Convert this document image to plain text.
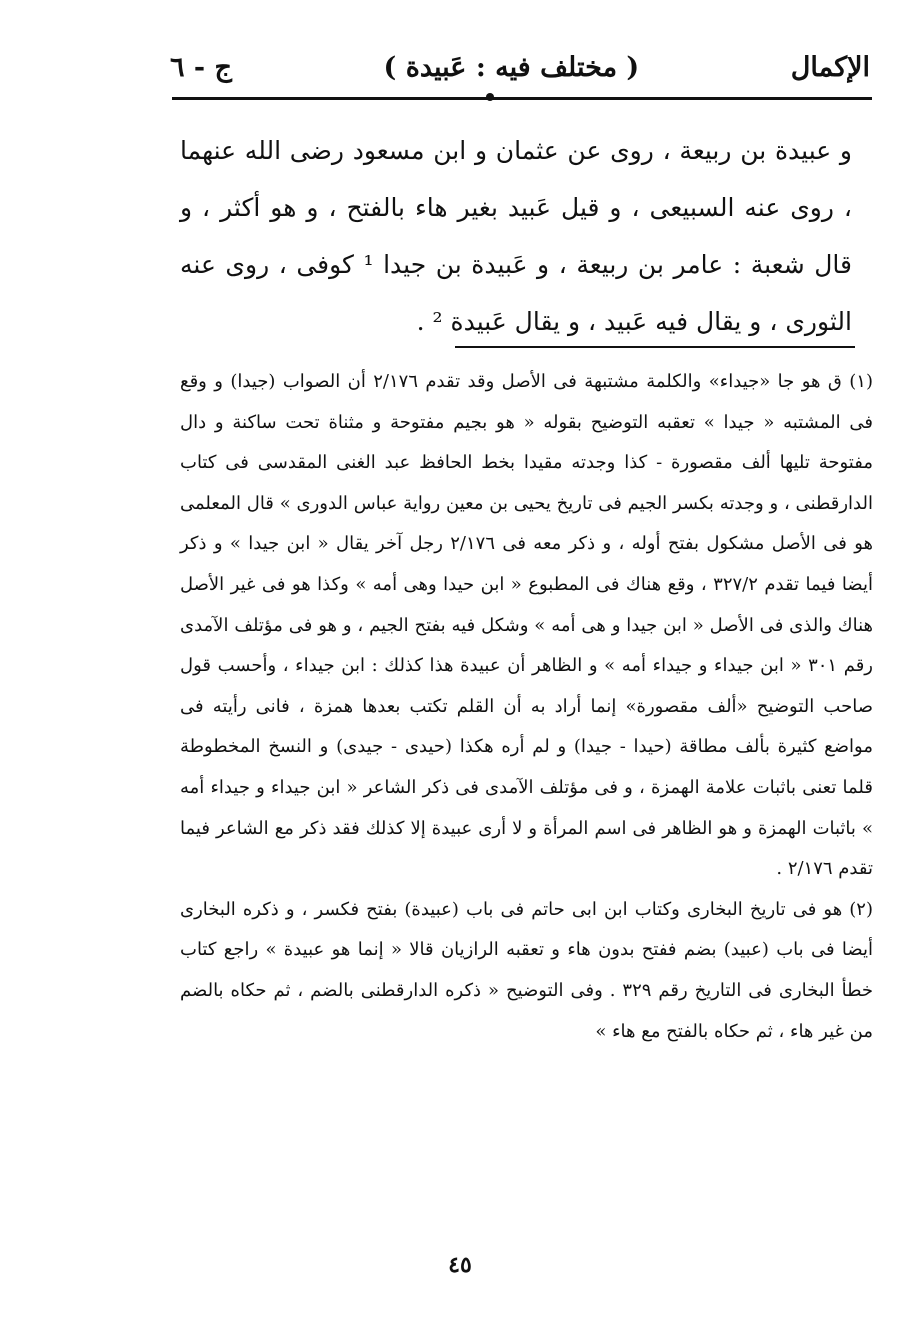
الإكمال
( مختلف فيه : عَبيدة )
ج - ٦

و عبيدة بن ربيعة ، روى عن عثمان و ابن مسعود رضى الله عنهما ، روى عنه السبيعى ، و قيل عَبيد بغير هاء بالفتح ، و هو أكثر ، و قال شعبة : عامر بن ربيعة ، و عَبيدة بن جيدا ¹ كوفى ، روى عنه الثورى ، و يقال فيه عَبيد ، و يقال عَبيدة ² .

(١) ق هو جا «جيداء» والكلمة مشتبهة فى الأصل وقد تقدم ٢/١٧٦ أن الصواب (جيدا) و وقع فى المشتبه « جيدا » تعقبه التوضيح بقوله « هو بجيم مفتوحة و مثناة تحت ساكنة و دال مفتوحة تليها ألف مقصورة - كذا وجدته مقيدا بخط الحافظ عبد الغنى المقدسى فى كتاب الدارقطنى ، و وجدته بكسر الجيم فى تاريخ يحيى بن معين رواية عباس الدورى » قال المعلمى هو فى الأصل مشكول بفتح أوله ، و ذكر معه فى ٢/١٧٦ رجل آخر يقال « ابن جيدا » و ذكر أيضا فيما تقدم ٣٢٧/٢ ، وقع هناك فى المطبوع « ابن حيدا وهى أمه » وكذا هو فى غير الأصل هناك والذى فى الأصل « ابن جيدا و هى أمه » وشكل فيه بفتح الجيم ، و هو فى مؤتلف الآمدى رقم ٣٠١ « ابن جيداء و جيداء أمه » و الظاهر أن عبيدة هذا كذلك : ابن جيداء ، وأحسب قول صاحب التوضيح «ألف مقصورة» إنما أراد به أن القلم تكتب بعدها همزة ، فانى رأيته فى مواضع كثيرة بألف مطاقة (حيدا - جيدا) و لم أره هكذا (حيدى - جيدى) و النسخ المخطوطة قلما تعنى باثبات علامة الهمزة ، و فى مؤتلف الآمدى فى ذكر الشاعر « ابن جيداء و جيداء أمه » باثبات الهمزة و هو الظاهر فى اسم المرأة و لا أرى عبيدة إلا كذلك فقد ذكر مع الشاعر فيما تقدم ٢/١٧٦ .

(٢) هو فى تاريخ البخارى وكتاب ابن ابى حاتم فى باب (عبيدة) بفتح فكسر ، و ذكره البخارى أيضا فى باب (عبيد) بضم ففتح بدون هاء و تعقبه الرازيان قالا « إنما هو عبيدة » راجع كتاب خطأ البخارى فى التاريخ رقم ٣٢٩ . وفى التوضيح « ذكره الدارقطنى بالضم ، ثم حكاه بالضم من غير هاء ، ثم حكاه بالفتح مع هاء »

٤٥
